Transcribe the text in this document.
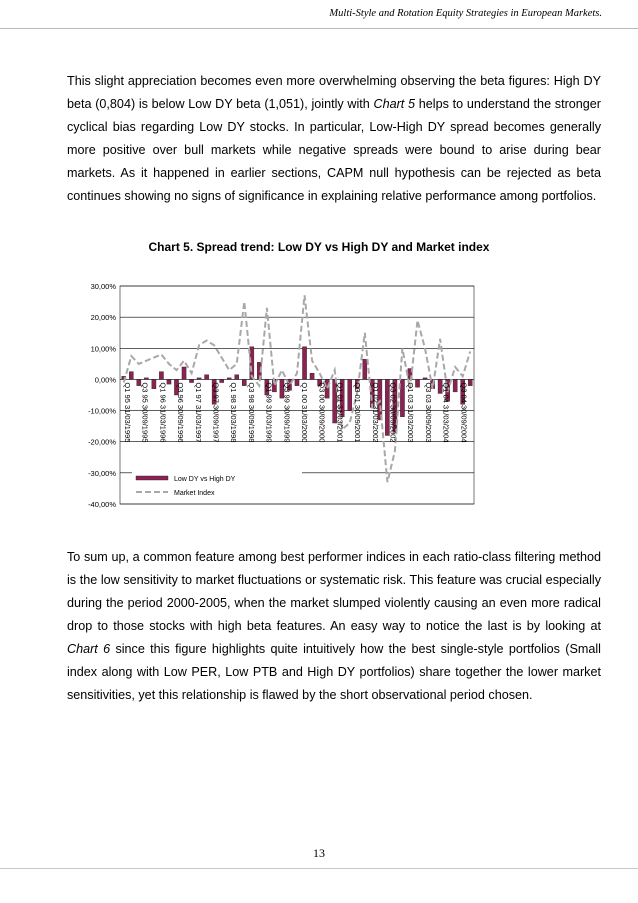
Multi-Style and Rotation Equity Strategies in European Markets.

This slight appreciation becomes even more overwhelming observing the beta figures: High DY beta (0,804) is below Low DY beta (1,051), jointly with Chart 5 helps to understand the stronger cyclical bias regarding Low DY stocks. In particular, Low-High DY spread becomes generally more positive over bull markets while negative spreads were bound to arise during bear markets. As it happened in earlier sections, CAPM null hypothesis can be rejected as beta continues showing no signs of significance in explaining relative performance among portfolios.

Chart 5. Spread trend: Low DY vs High DY and Market index
30,00%
20,00%
10,00%
0,00%
-10,00%
-20,00%
-30,00%
-40,00%
Q1 95 31/03/1995 Q3 95 30/09/1995 Q1 96 31/03/1996 Q3 96 30/09/1996 Q1 97 31/03/1997 Q3 97 30/09/1997 Q1 98 31/03/1998 Q3 98 30/09/1998 Q1 99 31/03/1999 Q3 99 30/09/1999 Q1 00 31/03/2000 Q3 00 30/09/2000 Q1 01 31/03/2001 Q3 01 30/09/2001 Q1 02 31/03/2002 Q3 02 30/09/2002 Q1 03 31/03/2003 Q3 03 30/09/2003 Q1 04 31/03/2004 Q3 04 30/09/2004
Low DY vs High DY
Market Index

To sum up, a common feature among best performer indices in each ratio-class filtering method is the low sensitivity to market fluctuations or systematic risk. This feature was crucial especially during the period 2000-2005, when the market slumped violently causing an even more radical drop to those stocks with high beta features. An easy way to notice the last is by looking at Chart 6 since this figure highlights quite intuitively how the best single-style portfolios (Small index along with Low PER, Low PTB and High DY portfolios) share together the lower market sensitivities, yet this relationship is flawed by the short observational period chosen.

13
